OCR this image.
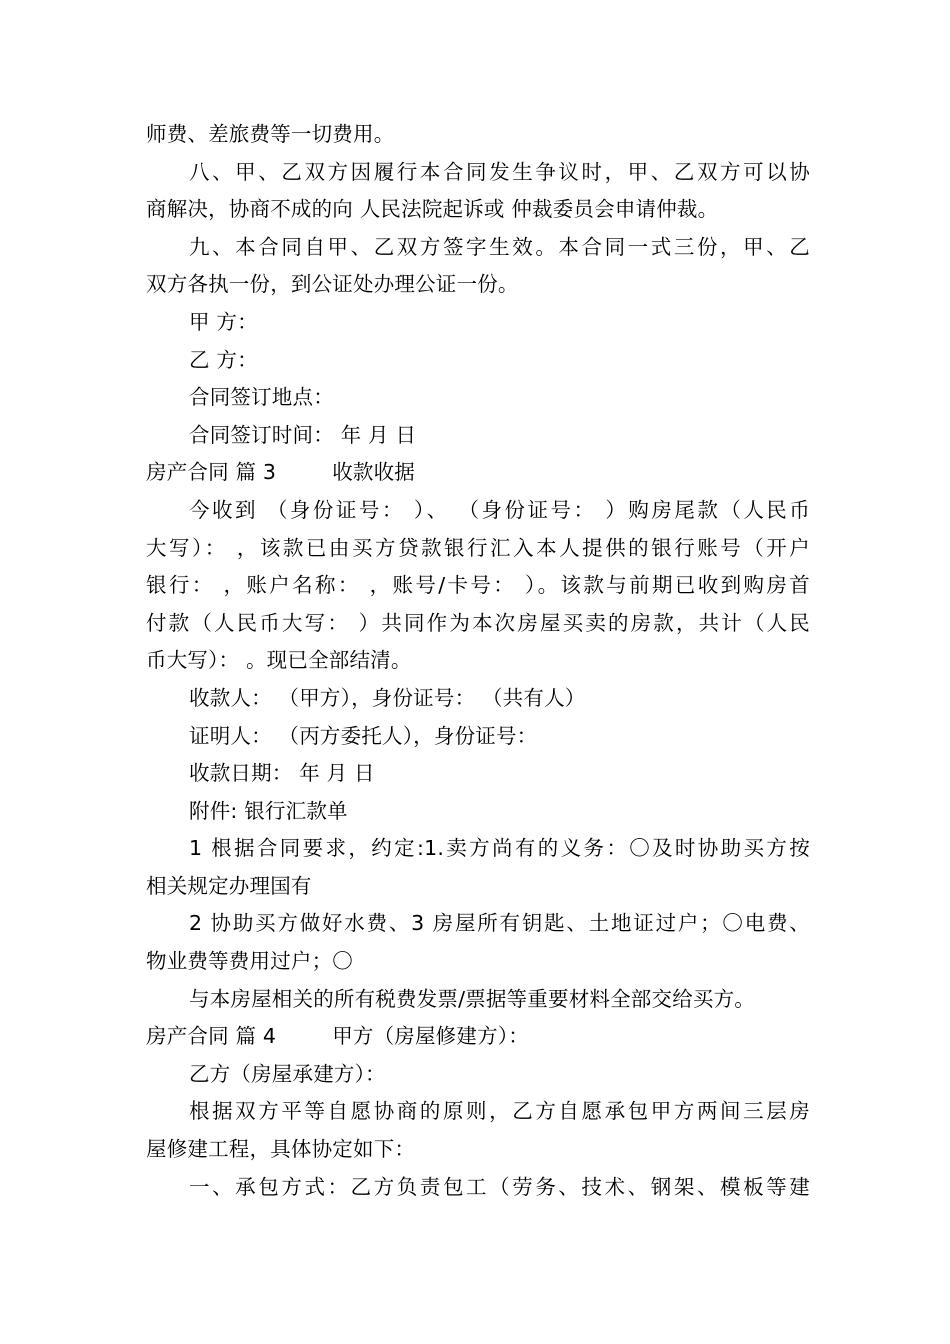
师费、差旅费等一切费用。
八、甲、乙双方因履行本合同发生争议时，甲、乙双方可以协
商解决，协商不成的向 人民法院起诉或 仲裁委员会申请仲裁。
九、本合同自甲、乙双方签字生效。本合同一式三份，甲、乙
双方各执一份，到公证处办理公证一份。
甲 方：
乙 方：
合同签订地点：
合同签订时间： 年 月 日
房产合同 篇 3	收款收据
今收到 （身份证号： ）、 （身份证号： ）购房尾款（人民币
大写）： ，该款已由买方贷款银行汇入本人提供的银行账号（开户
银行： ，账户名称： ，账号/卡号： ）。该款与前期已收到购房首
付款（人民币大写： ）共同作为本次房屋买卖的房款，共计（人民
币大写）： 。现已全部结清。
收款人： （甲方），身份证号： （共有人）
证明人： （丙方委托人），身份证号：
收款日期： 年 月 日
附件: 银行汇款单
1 根据合同要求，约定:1.卖方尚有的义务：〇及时协助买方按
相关规定办理国有
2 协助买方做好水费、3 房屋所有钥匙、土地证过户；〇电费、
物业费等费用过户；〇
与本房屋相关的所有税费发票/票据等重要材料全部交给买方。
房产合同 篇 4	甲方（房屋修建方）：
乙方（房屋承建方）：
根据双方平等自愿协商的原则，乙方自愿承包甲方两间三层房
屋修建工程，具体协定如下：
一、承包方式：乙方负责包工（劳务、技术、钢架、模板等建
